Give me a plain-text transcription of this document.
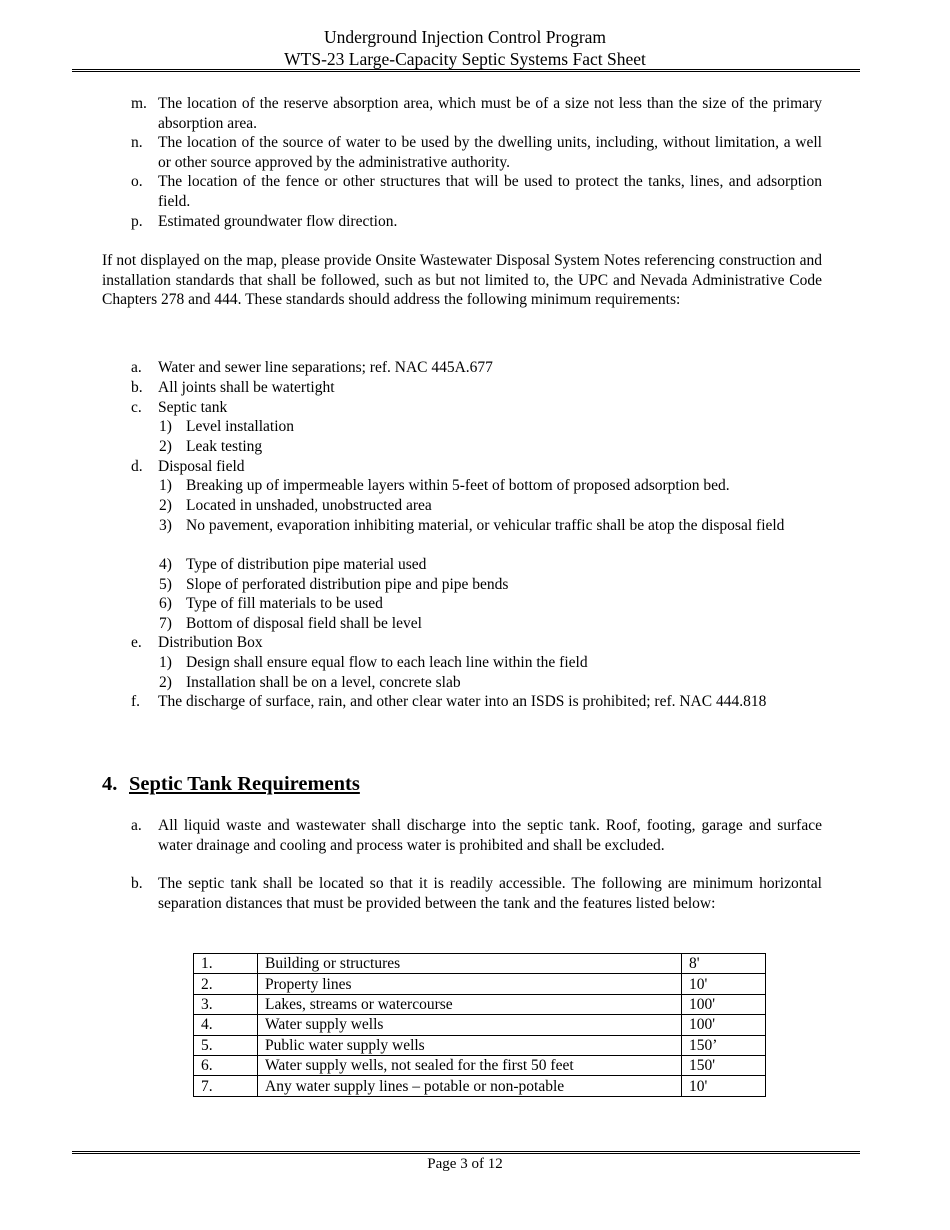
Underground Injection Control Program
WTS-23 Large-Capacity Septic Systems Fact Sheet
m. The location of the reserve absorption area, which must be of a size not less than the size of the primary absorption area.
n. The location of the source of water to be used by the dwelling units, including, without limitation, a well or other source approved by the administrative authority.
o. The location of the fence or other structures that will be used to protect the tanks, lines, and adsorption field.
p. Estimated groundwater flow direction.
If not displayed on the map, please provide Onsite Wastewater Disposal System Notes referencing construction and installation standards that shall be followed, such as but not limited to, the UPC and Nevada Administrative Code Chapters 278 and 444. These standards should address the following minimum requirements:
a. Water and sewer line separations; ref. NAC 445A.677
b. All joints shall be watertight
c. Septic tank
1) Level installation
2) Leak testing
d. Disposal field
1) Breaking up of impermeable layers within 5-feet of bottom of proposed adsorption bed.
2) Located in unshaded, unobstructed area
3) No pavement, evaporation inhibiting material, or vehicular traffic shall be atop the disposal field
4) Type of distribution pipe material used
5) Slope of perforated distribution pipe and pipe bends
6) Type of fill materials to be used
7) Bottom of disposal field shall be level
e. Distribution Box
1) Design shall ensure equal flow to each leach line within the field
2) Installation shall be on a level, concrete slab
f. The discharge of surface, rain, and other clear water into an ISDS is prohibited; ref. NAC 444.818
4. Septic Tank Requirements
a. All liquid waste and wastewater shall discharge into the septic tank. Roof, footing, garage and surface water drainage and cooling and process water is prohibited and shall be excluded.
b. The septic tank shall be located so that it is readily accessible. The following are minimum horizontal separation distances that must be provided between the tank and the features listed below:
1.	Building or structures	8'
2.	Property lines	10'
3.	Lakes, streams or watercourse	100'
4.	Water supply wells	100'
5.	Public water supply wells	150’
6.	Water supply wells, not sealed for the first 50 feet	150'
7.	Any water supply lines – potable or non-potable	10'
Page 3 of 12
